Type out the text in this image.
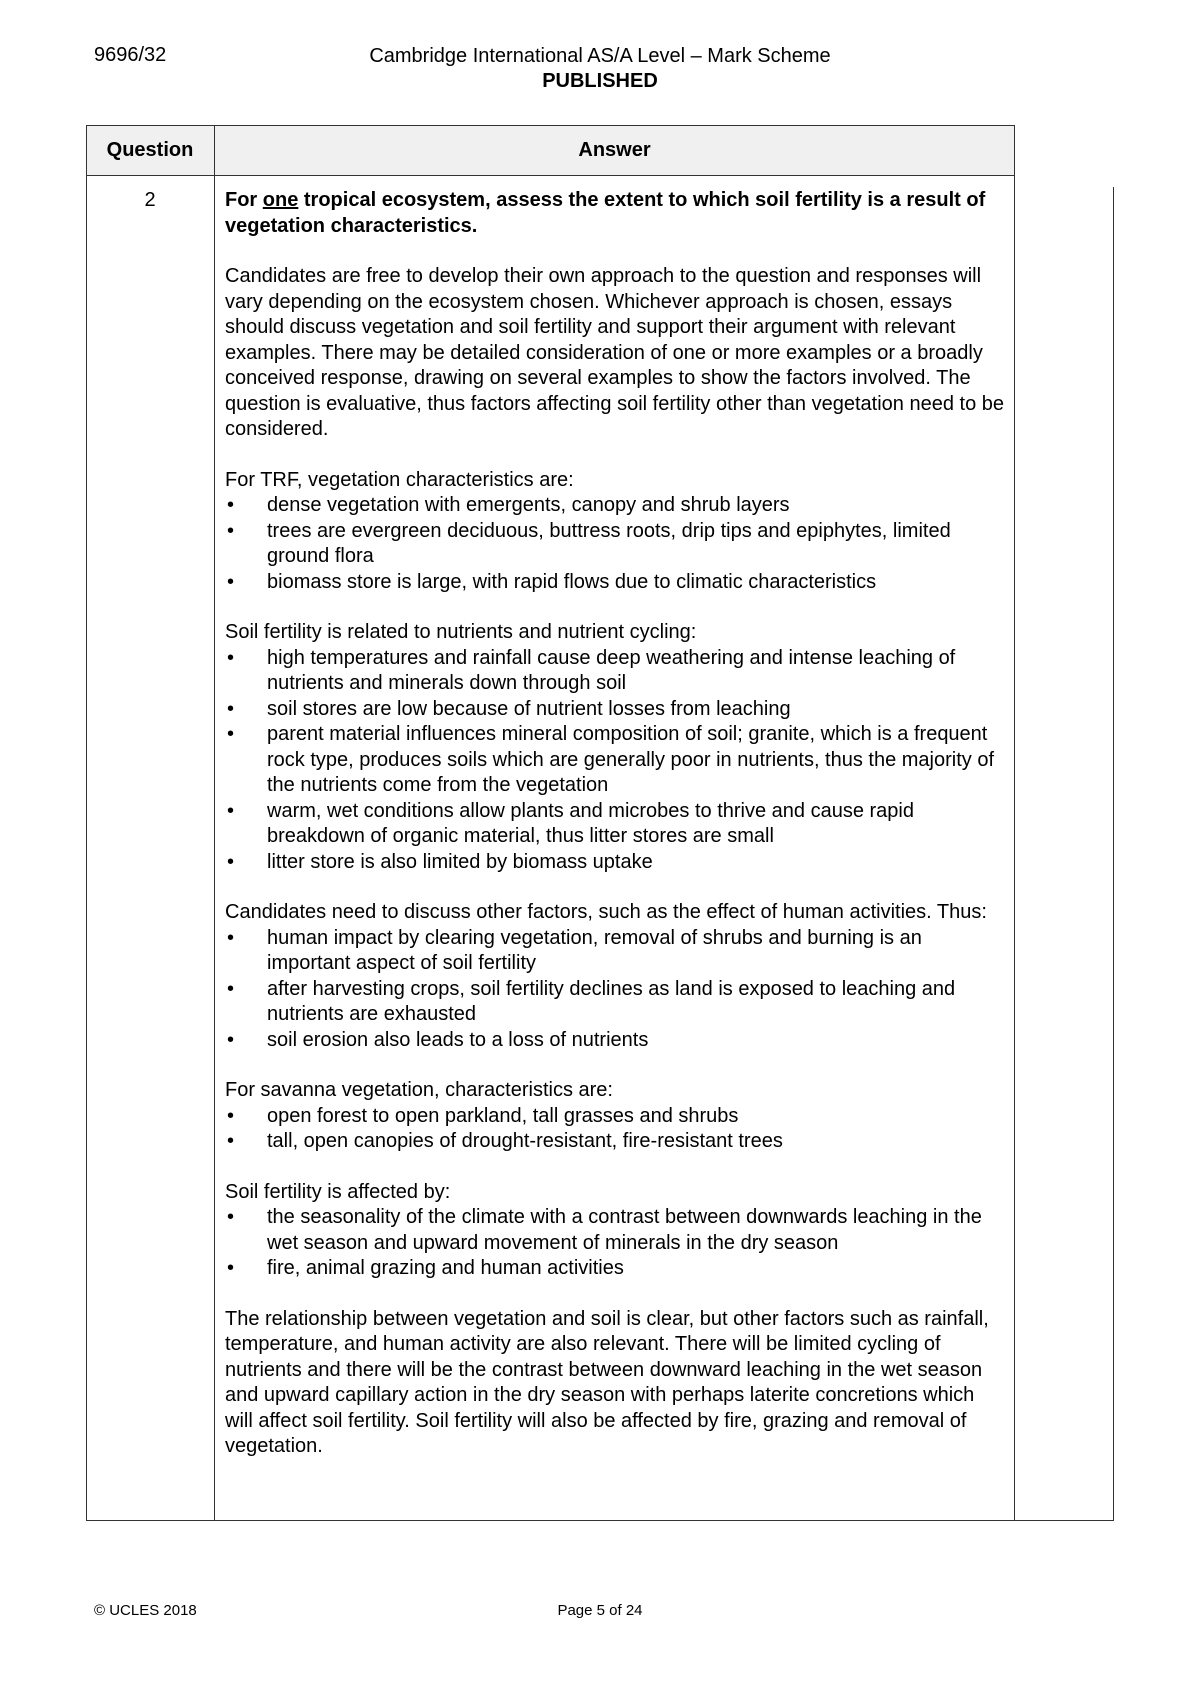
9696/32	Cambridge International AS/A Level – Mark Scheme
PUBLISHED
Question	Answer
2	For one tropical ecosystem, assess the extent to which soil fertility is a result of vegetation characteristics.

Candidates are free to develop their own approach to the question and responses will vary depending on the ecosystem chosen. Whichever approach is chosen, essays should discuss vegetation and soil fertility and support their argument with relevant examples. There may be detailed consideration of one or more examples or a broadly conceived response, drawing on several examples to show the factors involved. The question is evaluative, thus factors affecting soil fertility other than vegetation need to be considered.

For TRF, vegetation characteristics are:
• dense vegetation with emergents, canopy and shrub layers
• trees are evergreen deciduous, buttress roots, drip tips and epiphytes, limited ground flora
• biomass store is large, with rapid flows due to climatic characteristics
Soil fertility is related to nutrients and nutrient cycling:
• high temperatures and rainfall cause deep weathering and intense leaching of nutrients and minerals down through soil
• soil stores are low because of nutrient losses from leaching
• parent material influences mineral composition of soil; granite, which is a frequent rock type, produces soils which are generally poor in nutrients, thus the majority of the nutrients come from the vegetation
• warm, wet conditions allow plants and microbes to thrive and cause rapid breakdown of organic material, thus litter stores are small
• litter store is also limited by biomass uptake
Candidates need to discuss other factors, such as the effect of human activities. Thus:
• human impact by clearing vegetation, removal of shrubs and burning is an important aspect of soil fertility
• after harvesting crops, soil fertility declines as land is exposed to leaching and nutrients are exhausted
• soil erosion also leads to a loss of nutrients
For savanna vegetation, characteristics are:
• open forest to open parkland, tall grasses and shrubs
• tall, open canopies of drought-resistant, fire-resistant trees
Soil fertility is affected by:
• the seasonality of the climate with a contrast between downwards leaching in the wet season and upward movement of minerals in the dry season
• fire, animal grazing and human activities

The relationship between vegetation and soil is clear, but other factors such as rainfall, temperature, and human activity are also relevant. There will be limited cycling of nutrients and there will be the contrast between downward leaching in the wet season and upward capillary action in the dry season with perhaps laterite concretions which will affect soil fertility. Soil fertility will also be affected by fire, grazing and removal of vegetation.

© UCLES 2018	Page 5 of 24
